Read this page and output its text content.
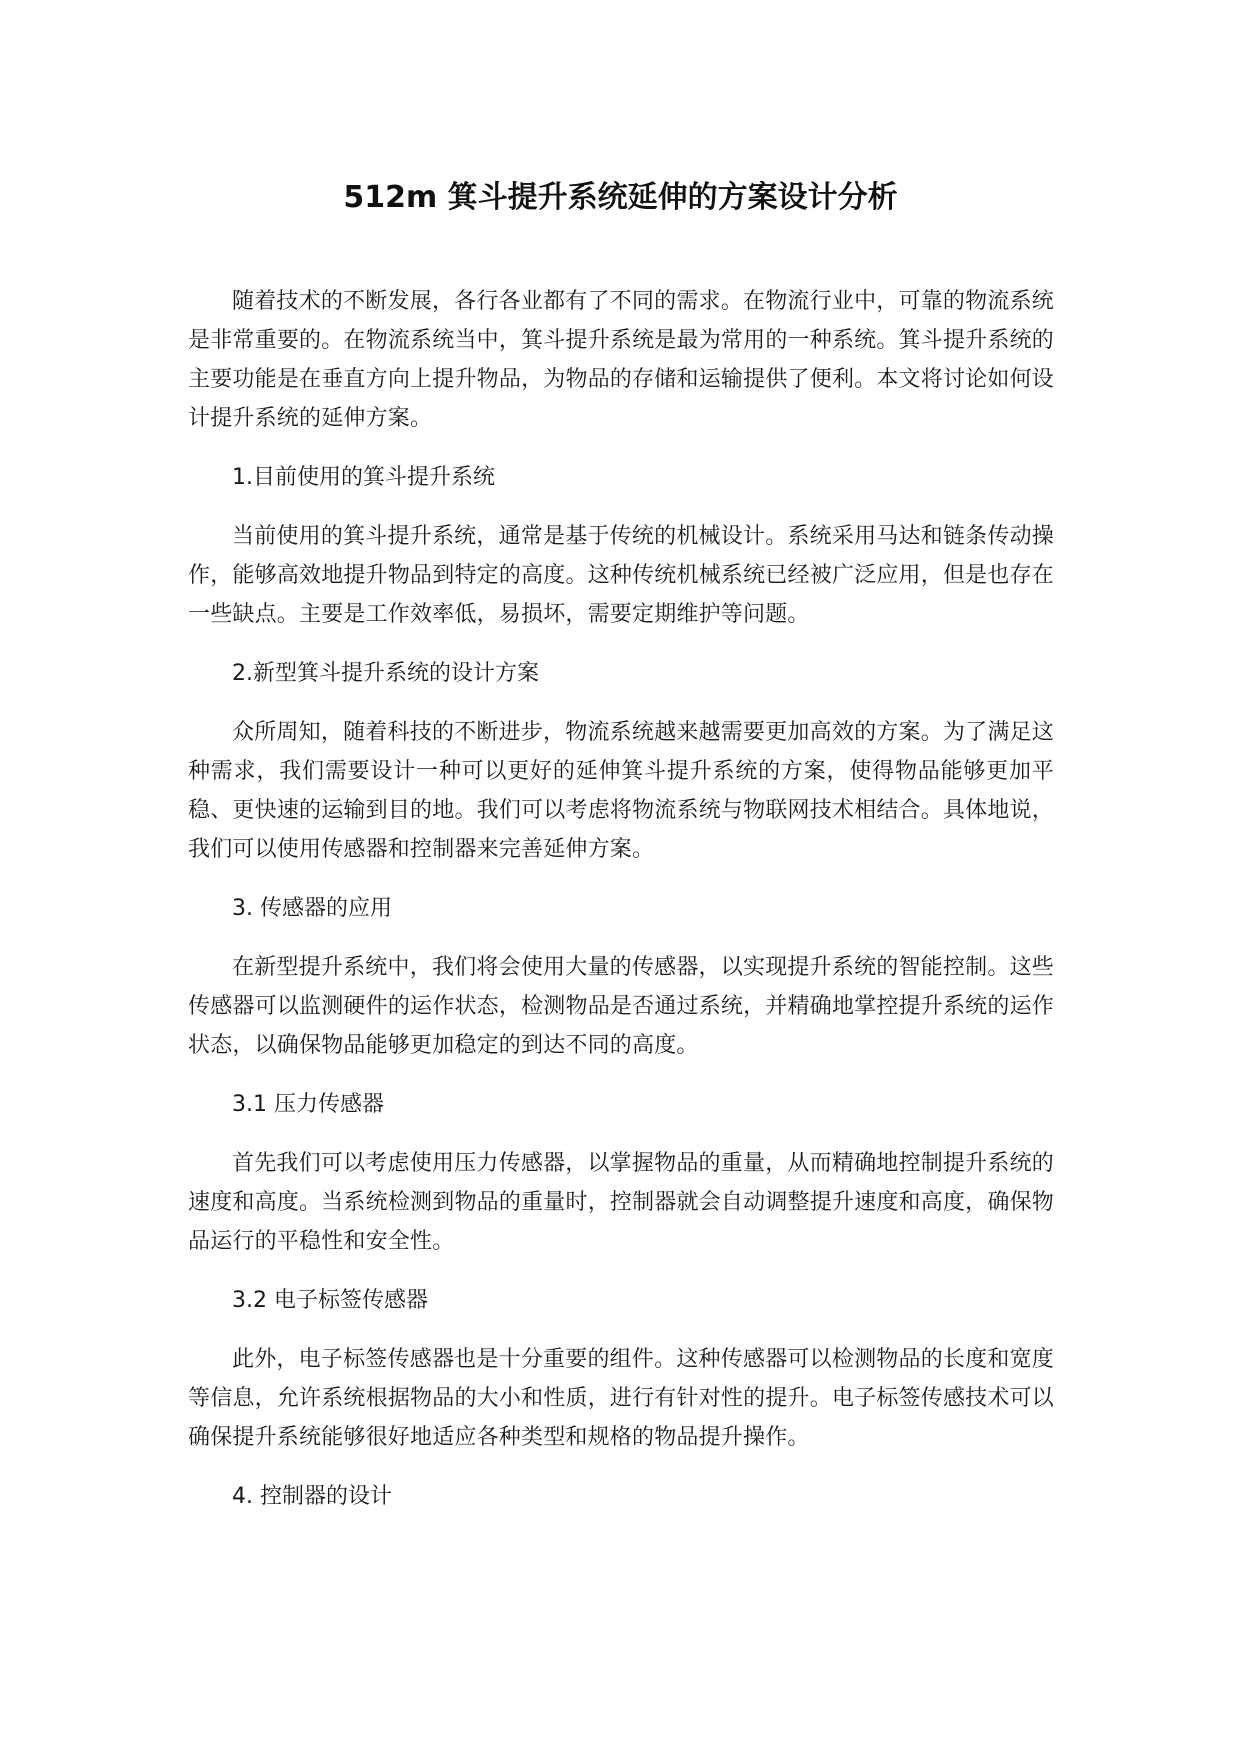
512m 箕斗提升系统延伸的方案设计分析

随着技术的不断发展，各行各业都有了不同的需求。在物流行业中，可靠的物流系统是非常重要的。在物流系统当中，箕斗提升系统是最为常用的一种系统。箕斗提升系统的主要功能是在垂直方向上提升物品，为物品的存储和运输提供了便利。本文将讨论如何设计提升系统的延伸方案。

1.目前使用的箕斗提升系统

当前使用的箕斗提升系统，通常是基于传统的机械设计。系统采用马达和链条传动操作，能够高效地提升物品到特定的高度。这种传统机械系统已经被广泛应用，但是也存在一些缺点。主要是工作效率低，易损坏，需要定期维护等问题。

2.新型箕斗提升系统的设计方案

众所周知，随着科技的不断进步，物流系统越来越需要更加高效的方案。为了满足这种需求，我们需要设计一种可以更好的延伸箕斗提升系统的方案，使得物品能够更加平稳、更快速的运输到目的地。我们可以考虑将物流系统与物联网技术相结合。具体地说，我们可以使用传感器和控制器来完善延伸方案。

3. 传感器的应用

在新型提升系统中，我们将会使用大量的传感器，以实现提升系统的智能控制。这些传感器可以监测硬件的运作状态，检测物品是否通过系统，并精确地掌控提升系统的运作状态，以确保物品能够更加稳定的到达不同的高度。

3.1 压力传感器

首先我们可以考虑使用压力传感器，以掌握物品的重量，从而精确地控制提升系统的速度和高度。当系统检测到物品的重量时，控制器就会自动调整提升速度和高度，确保物品运行的平稳性和安全性。

3.2 电子标签传感器

此外，电子标签传感器也是十分重要的组件。这种传感器可以检测物品的长度和宽度等信息，允许系统根据物品的大小和性质，进行有针对性的提升。电子标签传感技术可以确保提升系统能够很好地适应各种类型和规格的物品提升操作。

4. 控制器的设计
